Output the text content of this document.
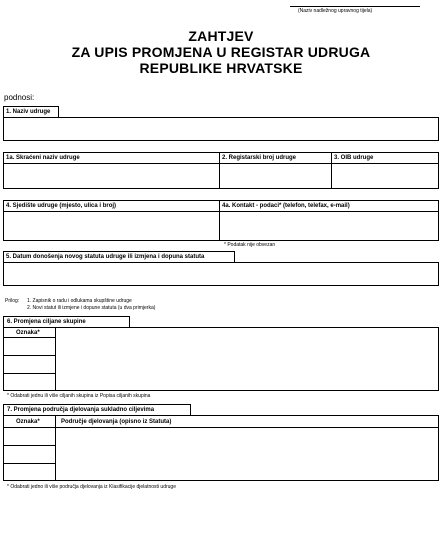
(Naziv nadležnog upravnog tijela)
ZAHTJEV
ZA UPIS PROMJENA U REGISTAR UDRUGA
REPUBLIKE HRVATSKE
podnosi:
1. Naziv udruge
1a. Skraćeni naziv udruge	2. Registarski broj udruge	3. OIB udruge
4. Sjedište udruge (mjesto, ulica i broj)	4a. Kontakt - podaci* (telefon, telefax, e-mail)
* Podatak nije obvezan
5. Datum donošenja novog statuta udruge ili izmjena i dopuna statuta
Prilog: 1. Zapisnik o radu i odlukama skupštine udruge
2. Novi statut ili izmjene i dopune statuta (u dva primjerka)
6. Promjena ciljane skupine
Oznaka*
* Odabrati jednu ili više ciljanih skupina iz Popisa ciljanih skupina
7. Promjena područja djelovanja sukladno ciljevima
Oznaka*	Područje djelovanja (opisno iz Statuta)
* Odabrati jedno ili više područja djelovanja iz Klasifikacije djelatnosti udruge
